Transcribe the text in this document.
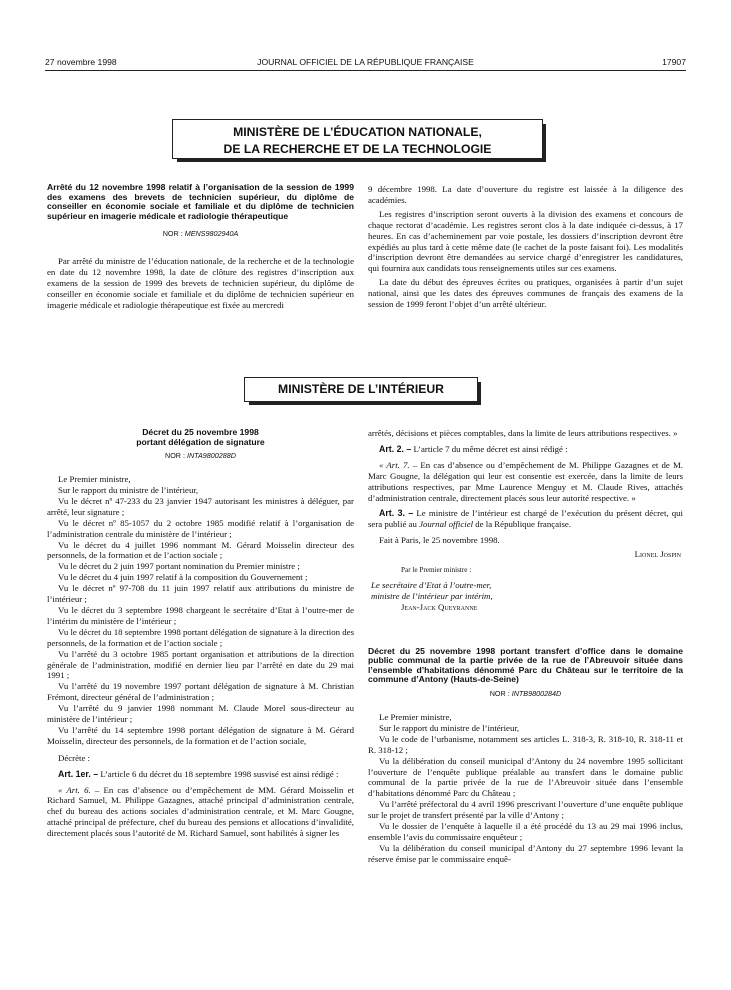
27 novembre 1998	JOURNAL OFFICIEL DE LA RÉPUBLIQUE FRANÇAISE	17907
MINISTÈRE DE L’ÉDUCATION NATIONALE,
DE LA RECHERCHE ET DE LA TECHNOLOGIE
Arrêté du 12 novembre 1998 relatif à l’organisation de la session de 1999 des examens des brevets de technicien supérieur, du diplôme de conseiller en économie sociale et familiale et du diplôme de technicien supérieur en imagerie médicale et radiologie thérapeutique
NOR : MENS9802940A

Par arrêté du ministre de l’éducation nationale, de la recherche et de la technologie en date du 12 novembre 1998, la date de clôture des registres d’inscription aux examens de la session de 1999 des brevets de technicien supérieur, du diplôme de conseiller en économie sociale et familiale et du diplôme de technicien supérieur en imagerie médicale et radiologie thérapeutique est fixée au mercredi

9 décembre 1998. La date d’ouverture du registre est laissée à la diligence des académies.

Les registres d’inscription seront ouverts à la division des examens et concours de chaque rectorat d’académie. Les registres seront clos à la date indiquée ci-dessus, à 17 heures. En cas d’acheminement par voie postale, les dossiers d’inscription devront être expédiés au plus tard à cette même date (le cachet de la poste faisant foi). Les modalités d’inscription devront être demandées au service chargé d’enregistrer les candidatures, qui fournira aux candidats tous renseignements utiles sur ces examens.

La date du début des épreuves écrites ou pratiques, organisées à partir d’un sujet national, ainsi que les dates des épreuves communes de français des examens de la session de 1999 feront l’objet d’un arrêté ultérieur.

MINISTÈRE DE L’INTÉRIEUR
Décret du 25 novembre 1998
portant délégation de signature
NOR : INTA9800288D

Le Premier ministre,

Sur le rapport du ministre de l’intérieur,

Vu le décret nº 47-233 du 23 janvier 1947 autorisant les ministres à déléguer, par arrêté, leur signature ;

Vu le décret nº 85-1057 du 2 octobre 1985 modifié relatif à l’organisation de l’administration centrale du ministère de l’intérieur ;

Vu le décret du 4 juillet 1996 nommant M. Gérard Moisselin directeur des personnels, de la formation et de l’action sociale ;

Vu le décret du 2 juin 1997 portant nomination du Premier ministre ;

Vu le décret du 4 juin 1997 relatif à la composition du Gouvernement ;

Vu le décret nº 97-708 du 11 juin 1997 relatif aux attributions du ministre de l’intérieur ;

Vu le décret du 3 septembre 1998 chargeant le secrétaire d’Etat à l’outre-mer de l’intérim du ministère de l’intérieur ;

Vu le décret du 18 septembre 1998 portant délégation de signature à la direction des personnels, de la formation et de l’action sociale ;

Vu l’arrêté du 3 octobre 1985 portant organisation et attributions de la direction générale de l’administration, modifié en dernier lieu par l’arrêté en date du 29 mai 1991 ;

Vu l’arrêté du 19 novembre 1997 portant délégation de signature à M. Christian Frémont, directeur général de l’administration ;

Vu l’arrêté du 9 janvier 1998 nommant M. Claude Morel sous-directeur au ministère de l’intérieur ;

Vu l’arrêté du 14 septembre 1998 portant délégation de signature à M. Gérard Moisselin, directeur des personnels, de la formation et de l’action sociale,

Décrète :

Art. 1er. – L’article 6 du décret du 18 septembre 1998 susvisé est ainsi rédigé :

« Art. 6. – En cas d’absence ou d’empêchement de MM. Gérard Moisselin et Richard Samuel, M. Philippe Gazagnes, attaché principal d’administration centrale, chef du bureau des actions sociales d’administration centrale, et M. Marc Gougne, attaché principal de préfecture, chef du bureau des pensions et allocations d’invalidité, directement placés sous l’autorité de M. Richard Samuel, sont habilités à signer les

arrêtés, décisions et pièces comptables, dans la limite de leurs attributions respectives. »

Art. 2. – L’article 7 du même décret est ainsi rédigé :

« Art. 7. – En cas d’absence ou d’empêchement de M. Philippe Gazagnes et de M. Marc Gougne, la délégation qui leur est consentie est exercée, dans la limite de leurs attributions respectives, par Mme Laurence Menguy et M. Claude Rives, attachés d’administration centrale, directement placés sous leur autorité respective. »

Art. 3. – Le ministre de l’intérieur est chargé de l’exécution du présent décret, qui sera publié au Journal officiel de la République française.

Fait à Paris, le 25 novembre 1998.

Lionel Jospin
Par le Premier ministre :
Le secrétaire d’Etat à l’outre-mer,
ministre de l’intérieur par intérim,
Jean-Jack Queyranne
Décret du 25 novembre 1998 portant transfert d’office dans le domaine public communal de la partie privée de la rue de l’Abreuvoir située dans l’ensemble d’habitations dénommé Parc du Château sur le territoire de la commune d’Antony (Hauts-de-Seine)
NOR : INTB9800284D

Le Premier ministre,

Sur le rapport du ministre de l’intérieur,

Vu le code de l’urbanisme, notamment ses articles L. 318-3, R. 318-10, R. 318-11 et R. 318-12 ;

Vu la délibération du conseil municipal d’Antony du 24 novembre 1995 sollicitant l’ouverture de l’enquête publique préalable au transfert dans le domaine public communal de la partie privée de la rue de l’Abreuvoir située dans l’ensemble d’habitations dénommé Parc du Château ;

Vu l’arrêté préfectoral du 4 avril 1996 prescrivant l’ouverture d’une enquête publique sur le projet de transfert présenté par la ville d’Antony ;

Vu le dossier de l’enquête à laquelle il a été procédé du 13 au 29 mai 1996 inclus, ensemble l’avis du commissaire enquêteur ;

Vu la délibération du conseil municipal d’Antony du 27 septembre 1996 levant la réserve émise par le commissaire enquê-
